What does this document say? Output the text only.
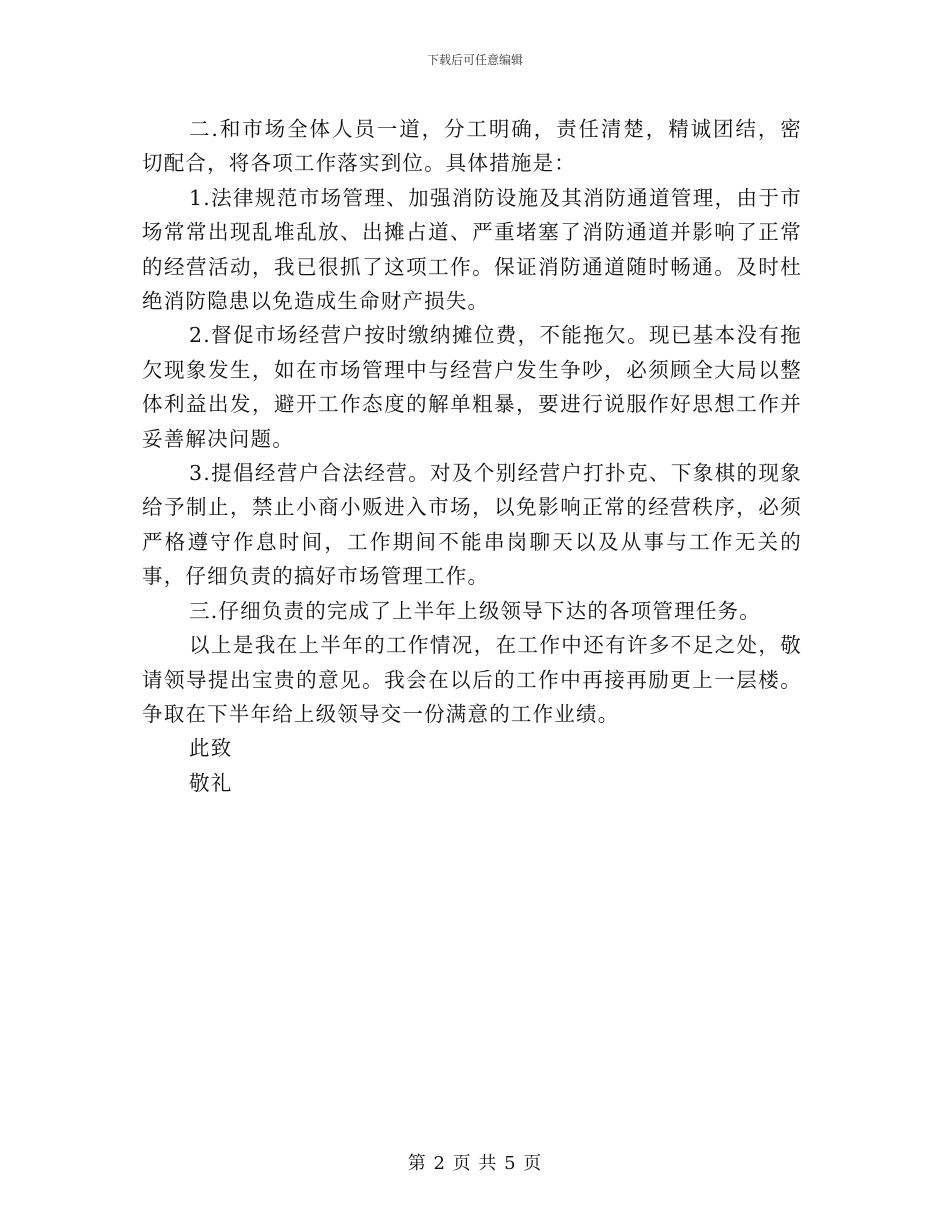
下载后可任意编辑

二.和市场全体人员一道，分工明确，责任清楚，精诚团结，密切配合，将各项工作落实到位。具体措施是：

1.法律规范市场管理、加强消防设施及其消防通道管理，由于市场常常出现乱堆乱放、出摊占道、严重堵塞了消防通道并影响了正常的经营活动，我已很抓了这项工作。保证消防通道随时畅通。及时杜绝消防隐患以免造成生命财产损失。

2.督促市场经营户按时缴纳摊位费，不能拖欠。现已基本没有拖欠现象发生，如在市场管理中与经营户发生争吵，必须顾全大局以整体利益出发，避开工作态度的解单粗暴，要进行说服作好思想工作并妥善解决问题。

3.提倡经营户合法经营。对及个别经营户打扑克、下象棋的现象给予制止，禁止小商小贩进入市场，以免影响正常的经营秩序，必须严格遵守作息时间，工作期间不能串岗聊天以及从事与工作无关的事，仔细负责的搞好市场管理工作。

三.仔细负责的完成了上半年上级领导下达的各项管理任务。

以上是我在上半年的工作情况，在工作中还有许多不足之处，敬请领导提出宝贵的意见。我会在以后的工作中再接再励更上一层楼。争取在下半年给上级领导交一份满意的工作业绩。

此致

敬礼

第 2 页 共 5 页
